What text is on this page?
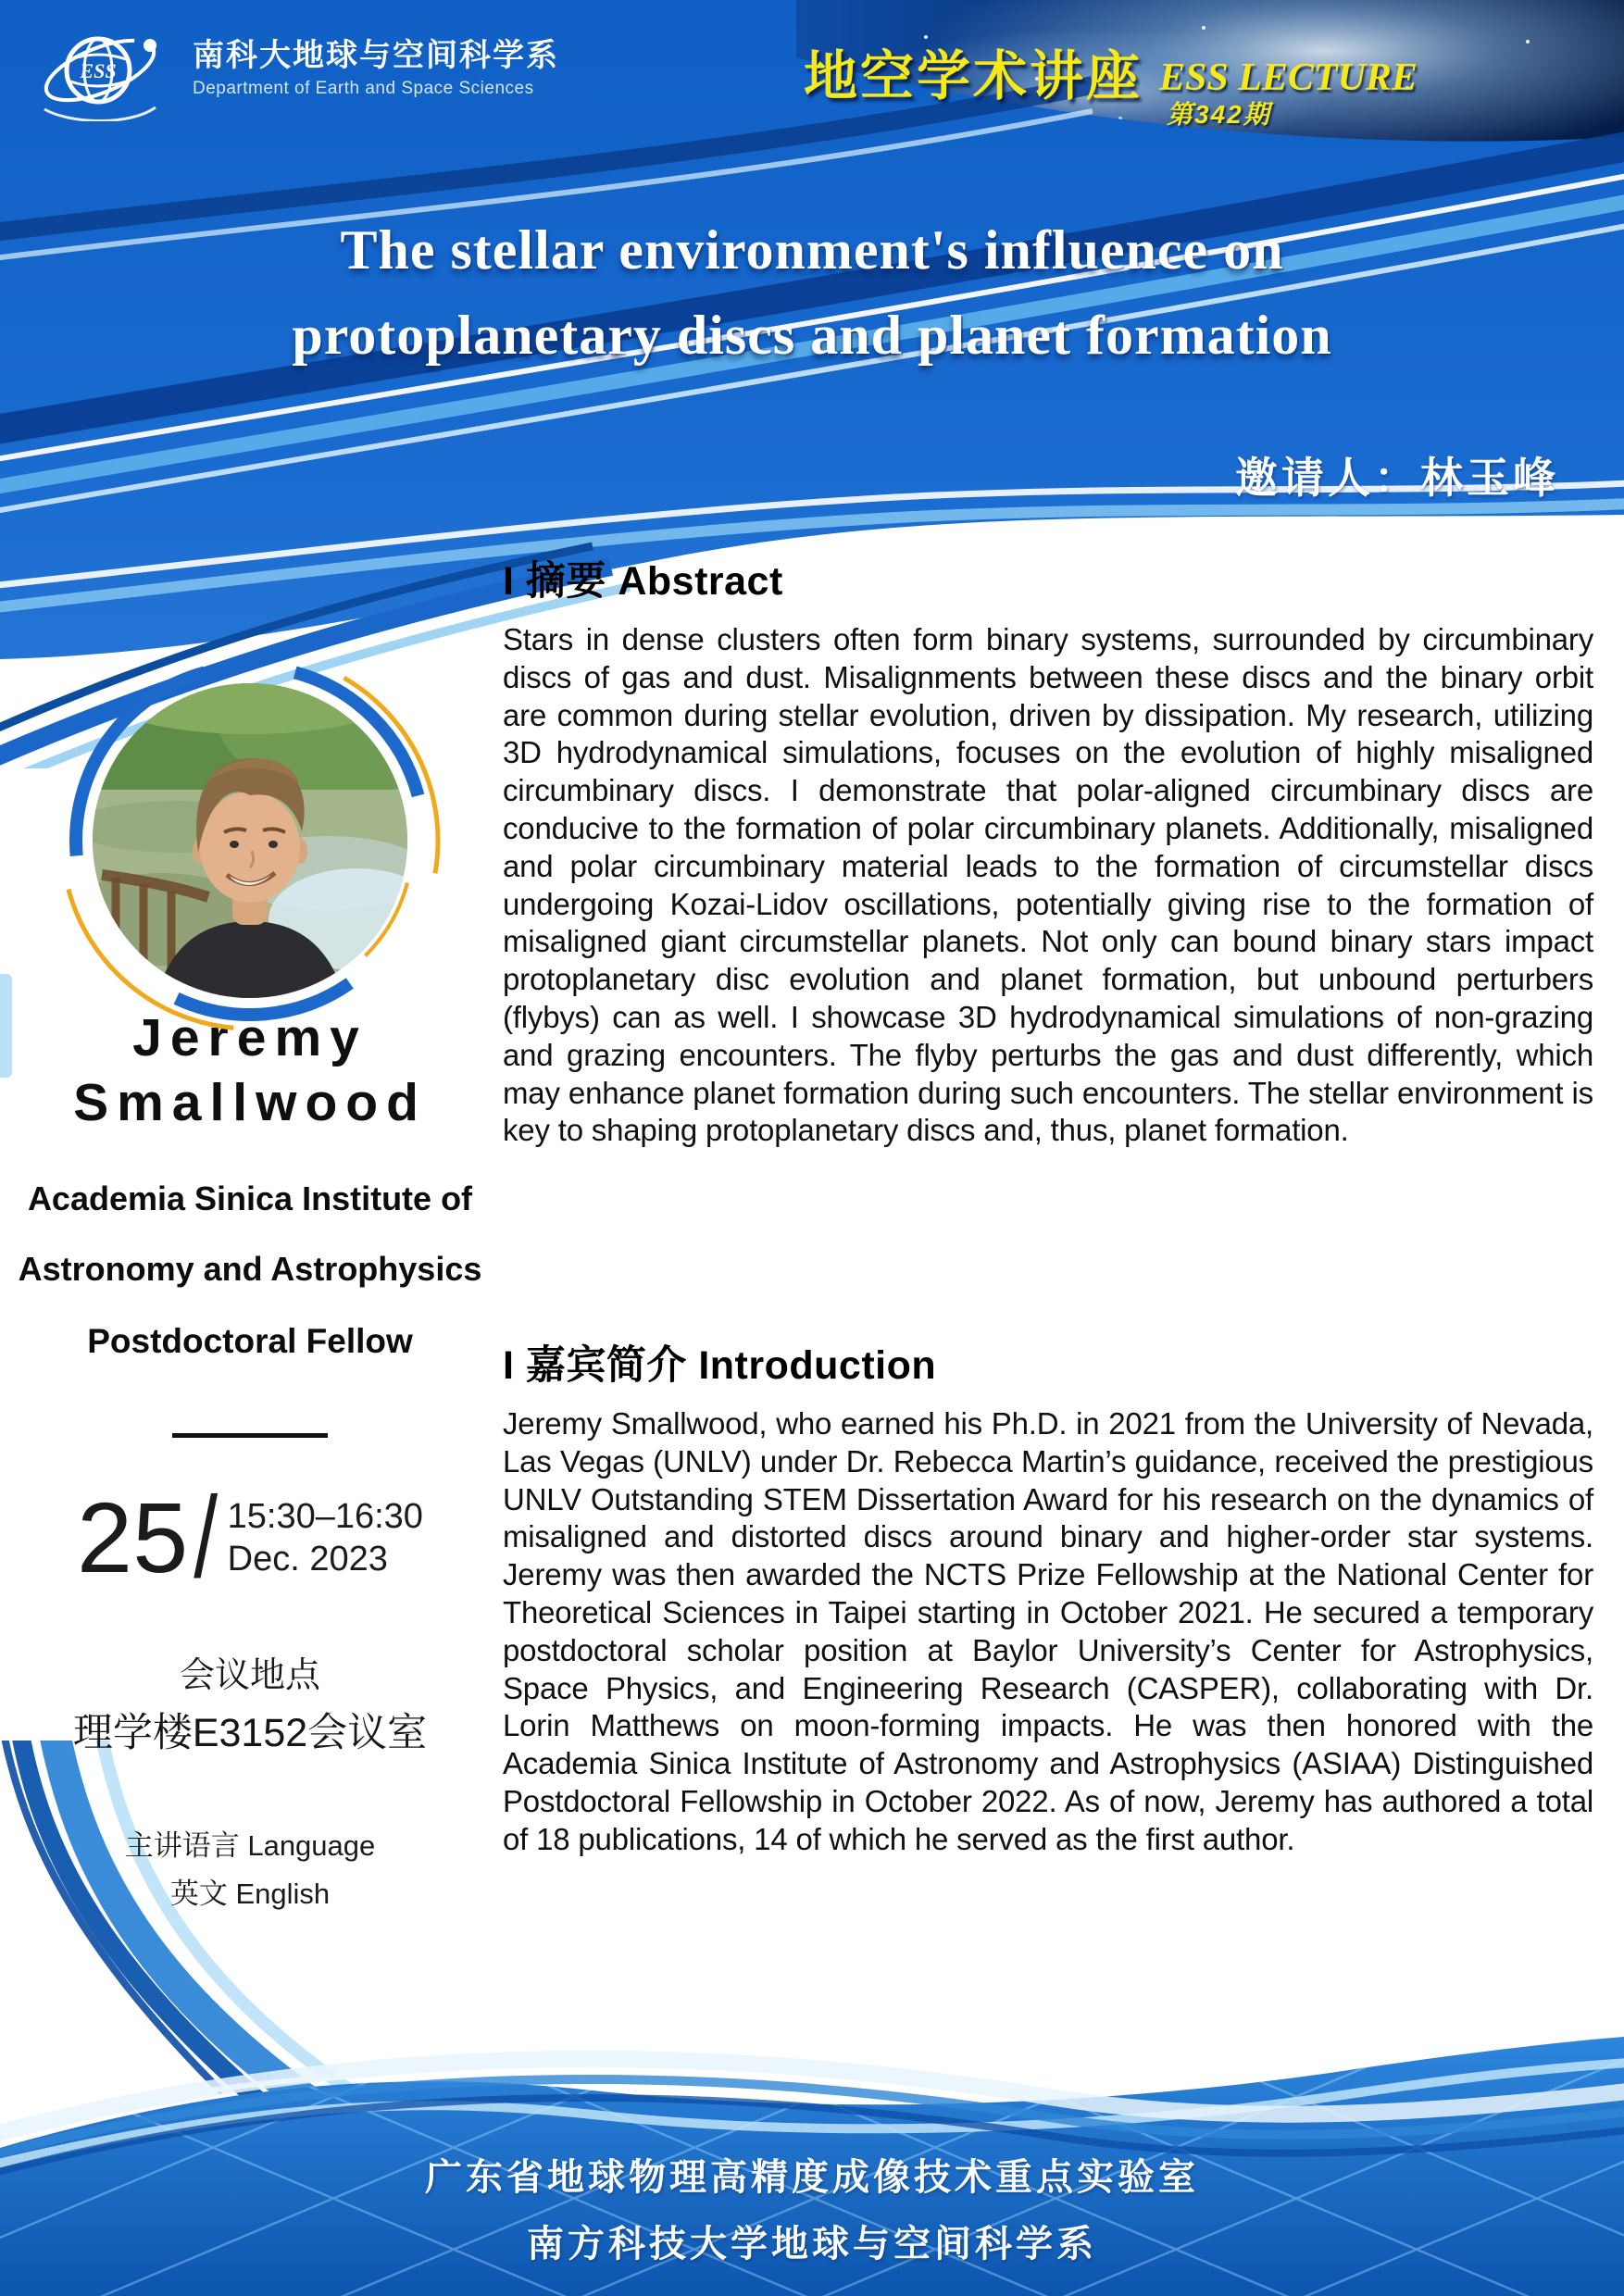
ESS 南科大地球与空间科学系
Department of Earth and Space Sciences	地空学术讲座 ESS LECTURE
第342期
The stellar environment's influence on
protoplanetary discs and planet formation
邀请人：林玉峰
Jeremy
Smallwood
Academia Sinica Institute of
Astronomy and Astrophysics
Postdoctoral Fellow
25 / 15:30–16:30
Dec. 2023
会议地点
理学楼E3152会议室
主讲语言 Language
英文 English
I 摘要 Abstract

Stars in dense clusters often form binary systems, surrounded by circumbinary discs of gas and dust. Misalignments between these discs and the binary orbit are common during stellar evolution, driven by dissipation. My research, utilizing 3D hydrodynamical simulations, focuses on the evolution of highly misaligned circumbinary discs. I demonstrate that polar-aligned circumbinary discs are conducive to the formation of polar circumbinary planets. Additionally, misaligned and polar circumbinary material leads to the formation of circumstellar discs undergoing Kozai-Lidov oscillations, potentially giving rise to the formation of misaligned giant circumstellar planets. Not only can bound binary stars impact protoplanetary disc evolution and planet formation, but unbound perturbers (flybys) can as well. I showcase 3D hydrodynamical simulations of non-grazing and grazing encounters. The flyby perturbs the gas and dust differently, which may enhance planet formation during such encounters. The stellar environment is key to shaping protoplanetary discs and, thus, planet formation.

I 嘉宾简介 Introduction

Jeremy Smallwood, who earned his Ph.D. in 2021 from the University of Nevada, Las Vegas (UNLV) under Dr. Rebecca Martin’s guidance, received the prestigious UNLV Outstanding STEM Dissertation Award for his research on the dynamics of misaligned and distorted discs around binary and higher-order star systems. Jeremy was then awarded the NCTS Prize Fellowship at the National Center for Theoretical Sciences in Taipei starting in October 2021. He secured a temporary postdoctoral scholar position at Baylor University’s Center for Astrophysics, Space Physics, and Engineering Research (CASPER), collaborating with Dr. Lorin Matthews on moon-forming impacts. He was then honored with the Academia Sinica Institute of Astronomy and Astrophysics (ASIAA) Distinguished Postdoctoral Fellowship in October 2022. As of now, Jeremy has authored a total of 18 publications, 14 of which he served as the first author.

广东省地球物理高精度成像技术重点实验室
南方科技大学地球与空间科学系
